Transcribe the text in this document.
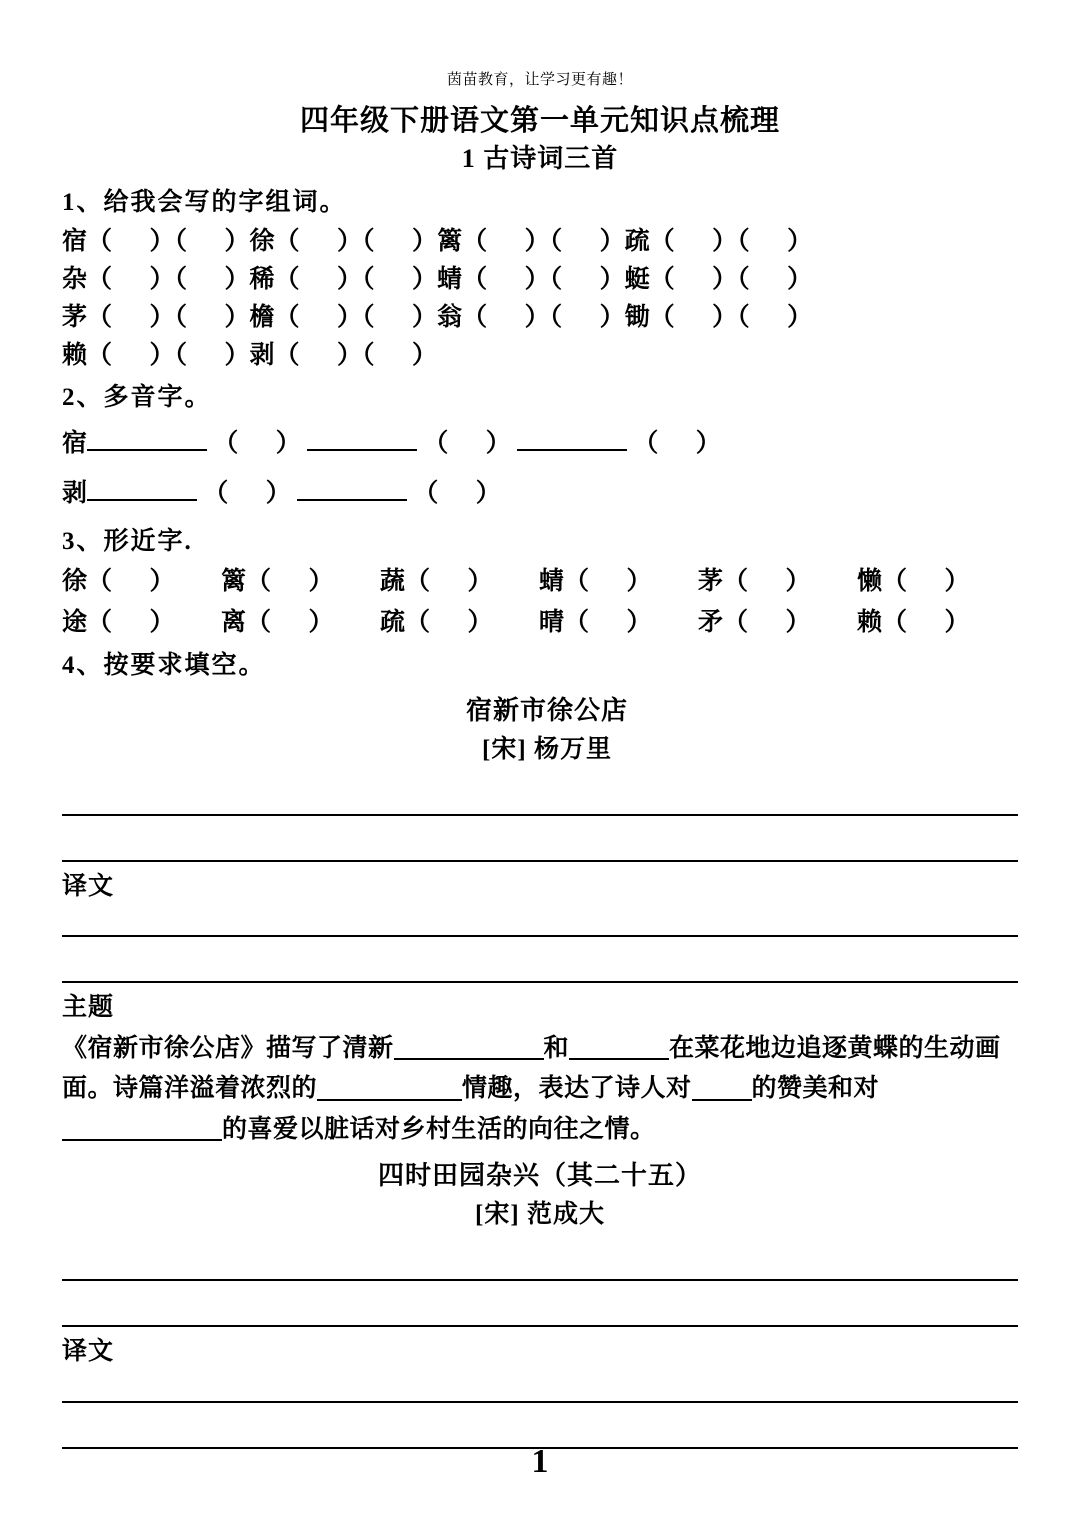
茵苗教育，让学习更有趣！
四年级下册语文第一单元知识点梳理
1 古诗词三首
1、给我会写的字组词。
宿 （      ）（      ） 徐 （      ）（      ） 篱 （      ）（      ） 疏 （      ）（      ）
杂 （      ）（      ） 稀 （      ）（      ） 蜻 （      ）（      ） 蜓 （      ）（      ）
茅 （      ）（      ） 檐 （      ）（      ） 翁 （      ）（      ） 锄 （      ）（      ）
赖 （      ）（      ） 剥 （      ）（      ）
2、多音字。
宿	（      ）	（      ）	（      ）
剥	（      ）	（      ）
3、形近字.
徐 （      ） 篱 （      ） 蔬 （      ） 蜻 （      ） 茅 （      ） 懒 （      ）
途 （      ） 离 （      ） 疏 （      ） 晴 （      ） 矛 （      ） 赖 （      ）
4、按要求填空。
宿新市徐公店
[宋] 杨万里
译文
主题
《宿新市徐公店》描写了清新	和	在菜花地边追逐黄蝶的生动画面。诗篇洋溢着浓烈的	情趣，表达了诗人对 的赞美和对的喜爱以脏话对乡村生活的向往之情。
四时田园杂兴（其二十五）
[宋] 范成大
译文
1
